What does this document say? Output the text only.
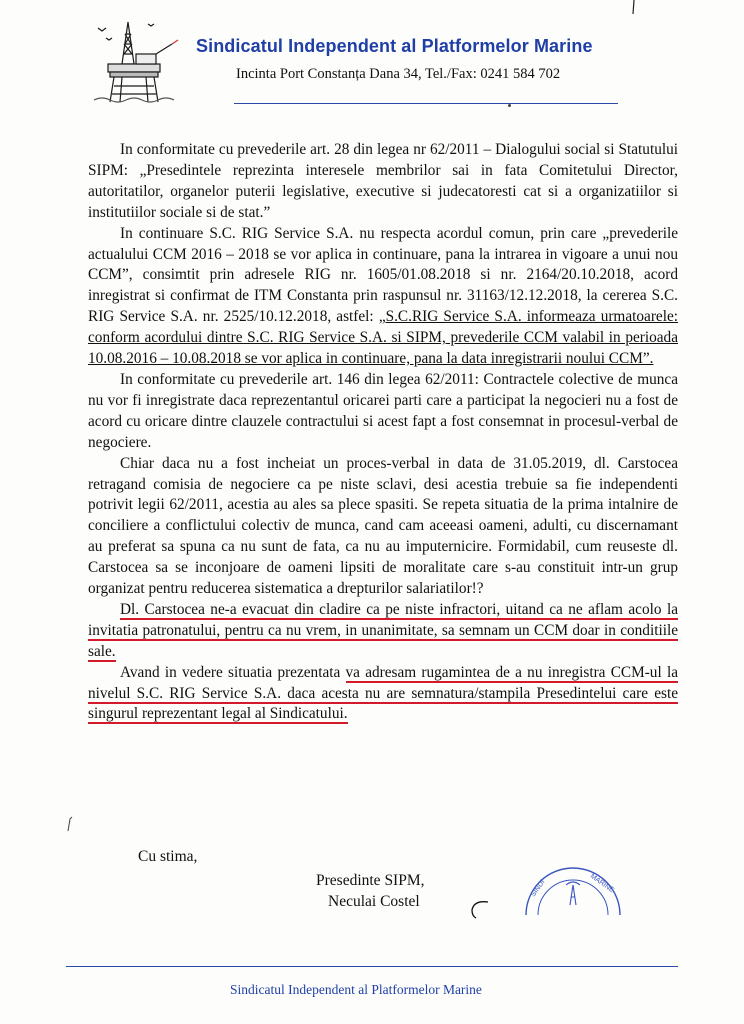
Sindicatul Independent al Platformelor Marine
Incinta Port Constanța Dana 34, Tel./Fax: 0241 584 702

In conformitate cu prevederile art. 28 din legea nr 62/2011 – Dialogului social si Statutului SIPM: „Presedintele reprezinta interesele membrilor sai in fata Comitetului Director, autoritatilor, organelor puterii legislative, executive si judecatoresti cat si a organizatiilor si institutiilor sociale si de stat.”

In continuare S.C. RIG Service S.A. nu respecta acordul comun, prin care „prevederile actualului CCM 2016 – 2018 se vor aplica in continuare, pana la intrarea in vigoare a unui nou CCM”, consimtit prin adresele RIG nr. 1605/01.08.2018 si nr. 2164/20.10.2018, acord inregistrat si confirmat de ITM Constanta prin raspunsul nr. 31163/12.12.2018, la cererea S.C. RIG Service S.A. nr. 2525/10.12.2018, astfel: „S.C.RIG Service S.A. informeaza urmatoarele: conform acordului dintre S.C. RIG Service S.A. si SIPM, prevederile CCM valabil in perioada 10.08.2016 – 10.08.2018 se vor aplica in continuare, pana la data inregistrarii noului CCM”.

In conformitate cu prevederile art. 146 din legea 62/2011: Contractele colective de munca nu vor fi inregistrate daca reprezentantul oricarei parti care a participat la negocieri nu a fost de acord cu oricare dintre clauzele contractului si acest fapt a fost consemnat in procesul-verbal de negociere.

Chiar daca nu a fost incheiat un proces-verbal in data de 31.05.2019, dl. Carstocea retragand comisia de negociere ca pe niste sclavi, desi acestia trebuie sa fie independenti potrivit legii 62/2011, acestia au ales sa plece spasiti. Se repeta situatia de la prima intalnire de conciliere a conflictului colectiv de munca, cand cam aceeasi oameni, adulti, cu discernamant au preferat sa spuna ca nu sunt de fata, ca nu au imputernicire. Formidabil, cum reuseste dl. Carstocea sa se inconjoare de oameni lipsiti de moralitate care s-au constituit intr-un grup organizat pentru reducerea sistematica a drepturilor salariatilor!?

Dl. Carstocea ne-a evacuat din cladire ca pe niste infractori, uitand ca ne aflam acolo la invitatia patronatului, pentru ca nu vrem, in unanimitate, sa semnam un CCM doar in conditiile sale.

Avand in vedere situatia prezentata va adresam rugamintea de a nu inregistra CCM-ul la nivelul S.C. RIG Service S.A. daca acesta nu are semnatura/stampila Presedintelui care este singurul reprezentant legal al Sindicatului.

Cu stima,
Presedinte SIPM,
Neculai Costel
SINDI	MARINE
Sindicatul Independent al Platformelor Marine
